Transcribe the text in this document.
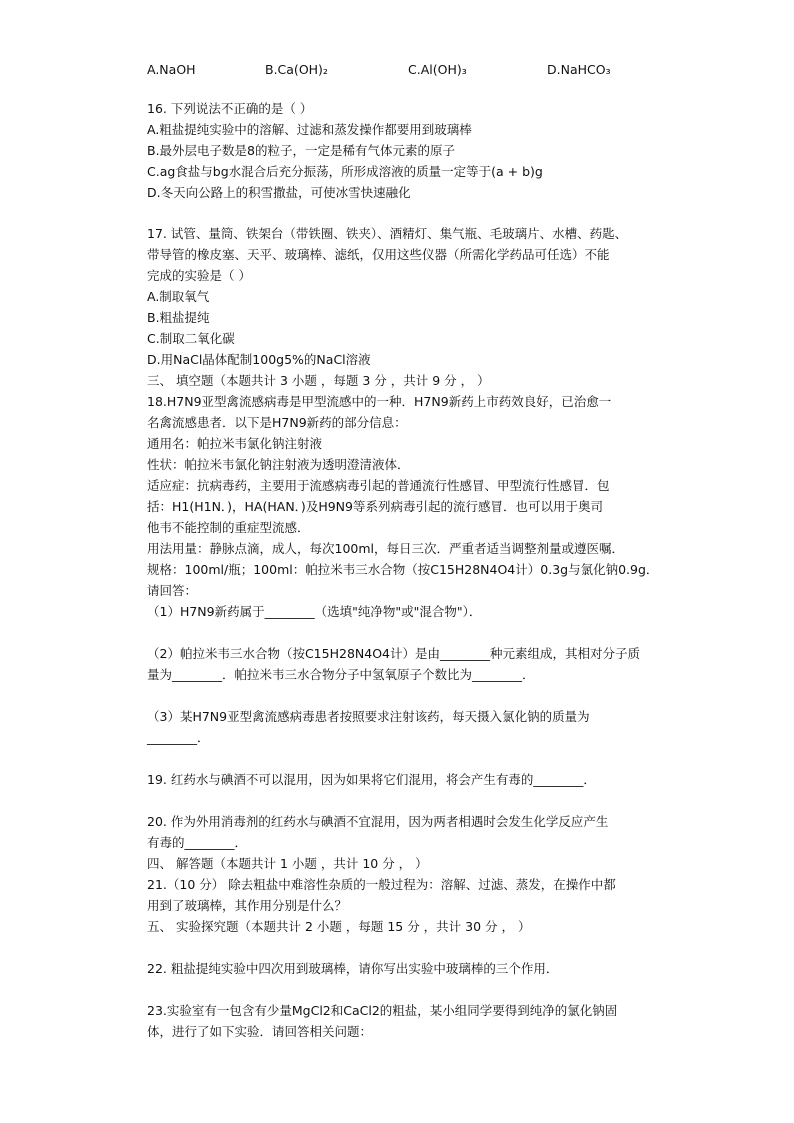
A.NaOH	B.Ca(OH)₂	C.Al(OH)₃	D.NaHCO₃
16. 下列说法不正确的是（ ）
A.粗盐提纯实验中的溶解、过滤和蒸发操作都要用到玻璃棒
B.最外层电子数是8的粒子，一定是稀有气体元素的原子
C.ag食盐与bg水混合后充分振荡，所形成溶液的质量一定等于(a + b)g
D.冬天向公路上的积雪撒盐，可使冰雪快速融化
17. 试管、量筒、铁架台（带铁圈、铁夹）、酒精灯、集气瓶、毛玻璃片、水槽、药匙、
带导管的橡皮塞、天平、玻璃棒、滤纸，仅用这些仪器（所需化学药品可任选）不能
完成的实验是（ ）
A.制取氧气
B.粗盐提纯
C.制取二氧化碳
D.用NaCl晶体配制100g5%的NaCl溶液
三、 填空题（本题共计 3 小题 ，每题 3 分 ，共计 9 分 ， ）
18.H7N9亚型禽流感病毒是甲型流感中的一种．H7N9新药上市药效良好，已治愈一
名禽流感患者．以下是H7N9新药的部分信息：
通用名：帕拉米韦氯化钠注射液
性状：帕拉米韦氯化钠注射液为透明澄清液体．
适应症：抗病毒药，主要用于流感病毒引起的普通流行性感冒、甲型流行性感冒．包
括：H1(H1N．)，HA(HAN．)及H9N9等系列病毒引起的流行感冒．也可以用于奥司
他韦不能控制的重症型流感．
用法用量：静脉点滴，成人，每次100ml，每日三次．严重者适当调整剂量或遵医嘱．
规格：100ml/瓶；100ml：帕拉米韦三水合物（按C15H28N4O4计）0.3g与氯化钠0.9g．
请回答：
（1）H7N9新药属于________（选填"纯净物"或"混合物"）．
（2）帕拉米韦三水合物（按C15H28N4O4计）是由________种元素组成，其相对分子质
量为________．帕拉米韦三水合物分子中氢氧原子个数比为________．
（3）某H7N9亚型禽流感病毒患者按照要求注射该药，每天摄入氯化钠的质量为
________．
19. 红药水与碘酒不可以混用，因为如果将它们混用，将会产生有毒的________．
20. 作为外用消毒剂的红药水与碘酒不宜混用，因为两者相遇时会发生化学反应产生
有毒的________．
四、 解答题（本题共计 1 小题 ，共计 10 分 ， ）
21.（10 分） 除去粗盐中难溶性杂质的一般过程为：溶解、过滤、蒸发，在操作中都
用到了玻璃棒，其作用分别是什么？
五、 实验探究题（本题共计 2 小题 ，每题 15 分 ，共计 30 分 ， ）
22. 粗盐提纯实验中四次用到玻璃棒，请你写出实验中玻璃棒的三个作用．
23.实验室有一包含有少量MgCl2和CaCl2的粗盐，某小组同学要得到纯净的氯化钠固
体，进行了如下实验．请回答相关问题：
